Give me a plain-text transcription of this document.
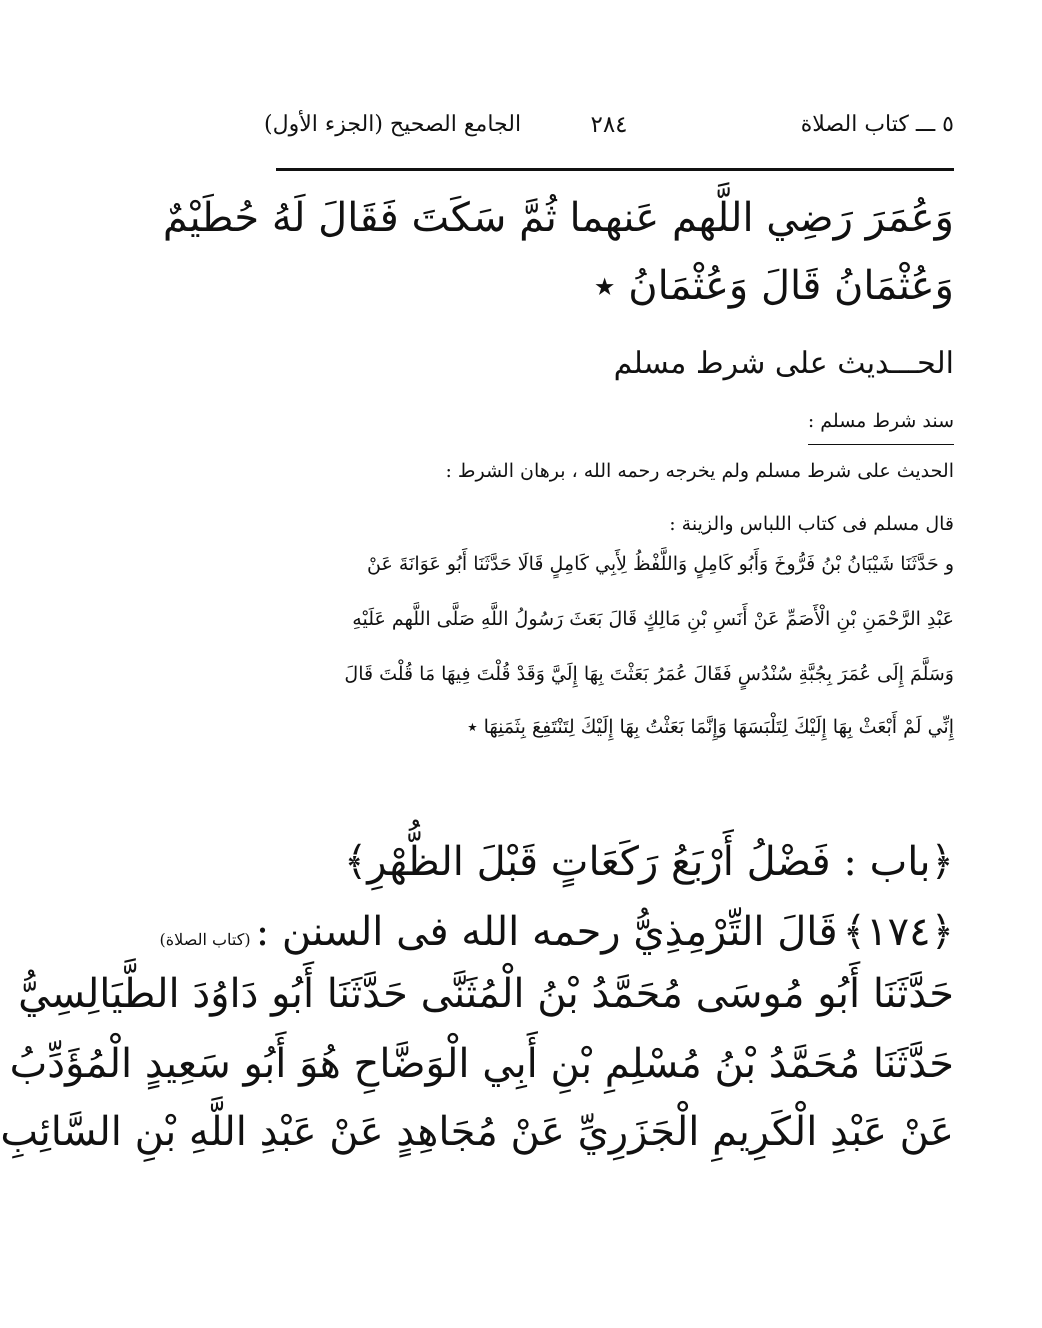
٥ ـــ كتاب الصلاة
٢٨٤
الجامع الصحيح (الجزء الأول)
وَعُمَرَ رَضِي اللَّهم عَنهما ثُمَّ سَكَتَ فَقَالَ لَهُ حُطَيْمٌ
وَعُثْمَانُ قَالَ وَعُثْمَانُ ٭
الحـــديث على شرط مسلم
سند شرط مسلم :
الحديث على شرط مسلم ولم يخرجه رحمه الله ، برهان الشرط :
قال مسلم فى كتاب اللباس والزينة :
و حَدَّثَنَا شَيْبَانُ بْنُ فَرُّوخَ وَأَبُو كَامِلٍ وَاللَّفْظُ لِأَبِي كَامِلٍ قَالَا حَدَّثَنَا أَبُو عَوَانَةَ عَنْ
عَبْدِ الرَّحْمَنِ بْنِ الْأَصَمِّ عَنْ أَنَسِ بْنِ مَالِكٍ قَالَ بَعَثَ رَسُولُ اللَّهِ صَلَّى اللَّهم عَلَيْهِ
وَسَلَّمَ إِلَى عُمَرَ بِجُبَّةِ سُنْدُسٍ فَقَالَ عُمَرُ بَعَثْتَ بِهَا إِلَيَّ وَقَدْ قُلْتَ فِيهَا مَا قُلْتَ قَالَ
إِنِّي لَمْ أَبْعَثْ بِهَا إِلَيْكَ لِتَلْبَسَهَا وَإِنَّمَا بَعَثْتُ بِهَا إِلَيْكَ لِتَنْتَفِعَ بِثَمَنِهَا ٭
﴿باب : فَضْلُ أَرْبَعُ رَكَعَاتٍ قَبْلَ الظُّهْرِ﴾
﴿١٧٤﴾ قَالَ التِّرْمِذِيُّ رحمه الله فى السنن : (كتاب الصلاة)
حَدَّثَنَا أَبُو مُوسَى مُحَمَّدُ بْنُ الْمُثَنَّى حَدَّثَنَا أَبُو دَاوُدَ الطَّيَالِسِيُّ
حَدَّثَنَا مُحَمَّدُ بْنُ مُسْلِمِ بْنِ أَبِي الْوَضَّاحِ هُوَ أَبُو سَعِيدٍ الْمُؤَدِّبُ
عَنْ عَبْدِ الْكَرِيمِ الْجَزَرِيِّ عَنْ مُجَاهِدٍ عَنْ عَبْدِ اللَّهِ بْنِ السَّائِبِ
